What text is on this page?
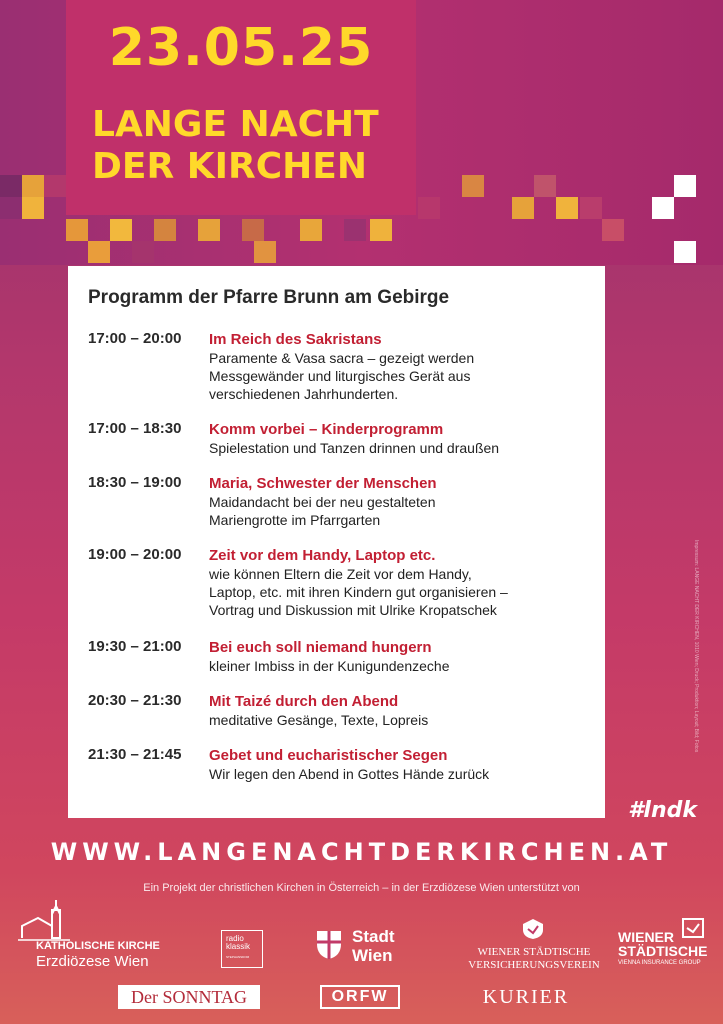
23.05.25
LANGE NACHT
DER KIRCHEN
Programm der Pfarre Brunn am Gebirge
17:00 – 20:00 Im Reich des Sakristans
Paramente & Vasa sacra – gezeigt werden
Messgewänder und liturgisches Gerät aus
verschiedenen Jahrhunderten.
17:00 – 18:30 Komm vorbei – Kinderprogramm
Spielestation und Tanzen drinnen und draußen
18:30 – 19:00 Maria, Schwester der Menschen
Maidandacht bei der neu gestalteten
Mariengrotte im Pfarrgarten
19:00 – 20:00 Zeit vor dem Handy, Laptop etc.
wie können Eltern die Zeit vor dem Handy,
Laptop, etc. mit ihren Kindern gut organisieren –
Vortrag und Diskussion mit Ulrike Kropatschek
19:30 – 21:00 Bei euch soll niemand hungern
kleiner Imbiss in der Kunigundenzeche
20:30 – 21:30 Mit Taizé durch den Abend
meditative Gesänge, Texte, Lopreis
21:30 – 21:45 Gebet und eucharistischer Segen
Wir legen den Abend in Gottes Hände zurück
Impressum: LANGE NACHT DER KIRCHEN, 1010 Wien; Druck; Produktion; Layout; Bild; Fotos
#lndk
WWW.LANGENACHTDERKIRCHEN.AT
Ein Projekt der christlichen Kirchen in Österreich – in der Erzdiözese Wien unterstützt von
KATHOLISCHE KIRCHE
Erzdiözese Wien
radio
klassik
STEPHANSDOM
Stadt
Wien	WIENER STÄDTISCHE
VERSICHERUNGSVEREIN
WIENER
STÄDTISCHE
VIENNA INSURANCE GROUP
Der SONNTAG	ORFW	KURIER
